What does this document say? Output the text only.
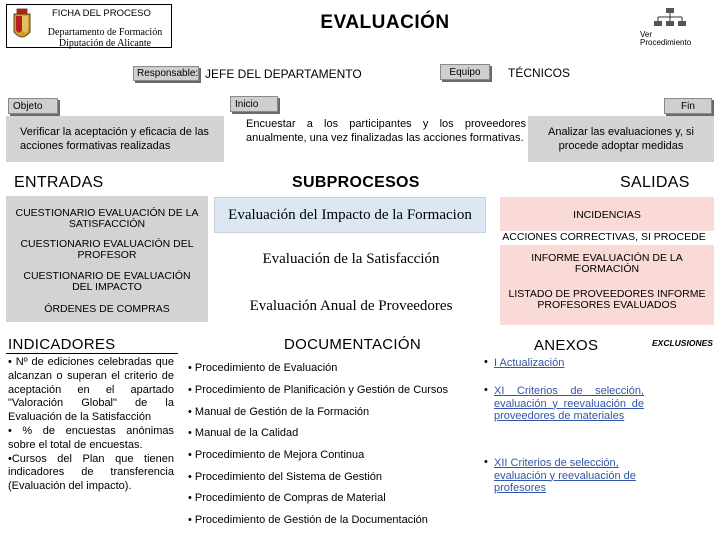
FICHA DEL PROCESO
Departamento de Formación
Diputación de Alicante
EVALUACIÓN
Ver
Procedimiento
Responsable: JEFE DEL DEPARTAMENTO	Equipo	TÉCNICOS
Objeto	Inicio	Fin
Verificar la aceptación y eficacia de las acciones formativas realizadas
Encuestar a los participantes y los proveedores anualmente, una vez finalizadas las acciones formativas.	Analizar las evaluaciones y, si procede adoptar medidas
ENTRADAS	SUBPROCESOS	SALIDAS
CUESTIONARIO EVALUACIÓN DE LA SATISFACCIÓN
CUESTIONARIO EVALUACIÓN DEL PROFESOR
CUESTIONARIO DE EVALUACIÓN DEL IMPACTO
ÓRDENES DE COMPRAS
Evaluación del Impacto de la Formacion
Evaluación de la Satisfacción
Evaluación Anual de Proveedores
INCIDENCIAS
ACCIONES CORRECTIVAS, SI PROCEDE
INFORME EVALUACIÓN DE LA FORMACIÓN
LISTADO DE PROVEEDORES INFORME PROFESORES EVALUADOS
INDICADORES	DOCUMENTACIÓN	ANEXOS	EXCLUSIONES
• Nº de ediciones celebradas que alcanzan o superan el criterio de aceptación en el apartado "Valoración Global" de la Evaluación de la Satisfacción
• % de encuestas anónimas sobre el total de encuestas.
•Cursos del Plan que tienen indicadores de transferencia (Evaluación del impacto).
• Procedimiento de Evaluación
• Procedimiento de Planificación y Gestión de Cursos
• Manual de Gestión de la Formación
• Manual de la Calidad
• Procedimiento de Mejora Continua
• Procedimiento del Sistema de Gestión
• Procedimiento de Compras de Material
• Procedimiento de Gestión de la Documentación
• I Actualización
• XI Criterios de selección, evaluación y reevaluación de proveedores de materiales
• XII Criterios de selección, evaluación y reevaluación de profesores
